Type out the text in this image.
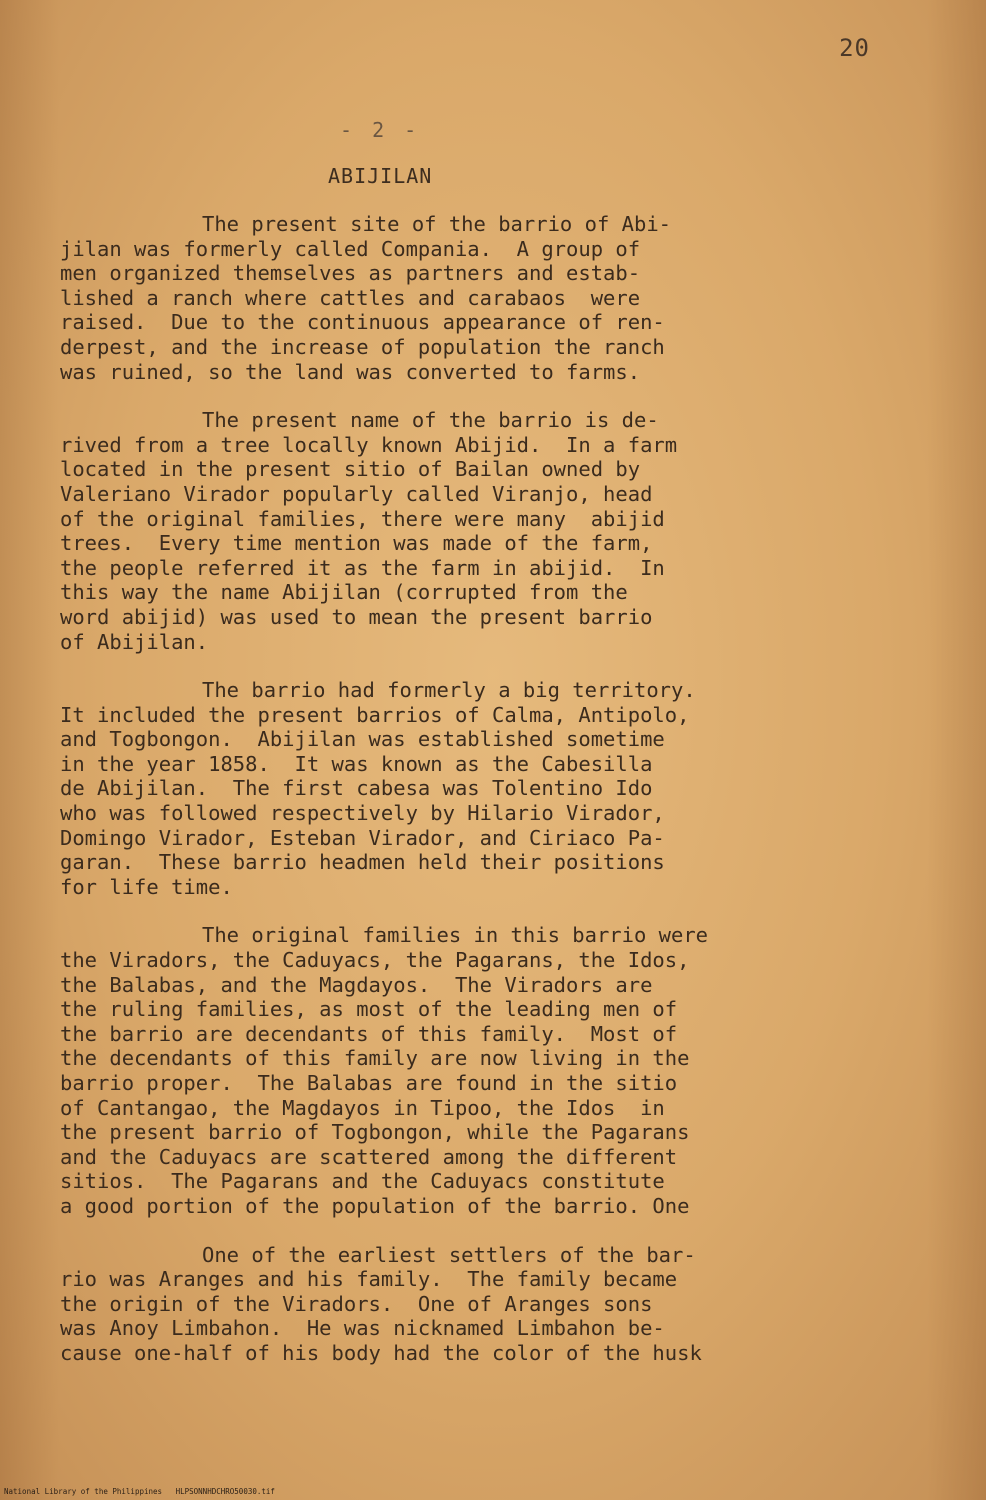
20
- 2 -
ABIJILAN
The present site of the barrio of Abi-
jilan was formerly called Compania.  A group of
men organized themselves as partners and estab-
lished a ranch where cattles and carabaos  were
raised.  Due to the continuous appearance of ren-
derpest, and the increase of population the ranch
was ruined, so the land was converted to farms.
The present name of the barrio is de-
rived from a tree locally known Abijid.  In a farm
located in the present sitio of Bailan owned by
Valeriano Virador popularly called Viranjo, head
of the original families, there were many  abijid
trees.  Every time mention was made of the farm,
the people referred it as the farm in abijid.  In
this way the name Abijilan (corrupted from the
word abijid) was used to mean the present barrio
of Abijilan.
The barrio had formerly a big territory.
It included the present barrios of Calma, Antipolo,
and Togbongon.  Abijilan was established sometime
in the year 1858.  It was known as the Cabesilla
de Abijilan.  The first cabesa was Tolentino Ido
who was followed respectively by Hilario Virador,
Domingo Virador, Esteban Virador, and Ciriaco Pa-
garan.  These barrio headmen held their positions
for life time.
The original families in this barrio were
the Viradors, the Caduyacs, the Pagarans, the Idos,
the Balabas, and the Magdayos.  The Viradors are
the ruling families, as most of the leading men of
the barrio are decendants of this family.  Most of
the decendants of this family are now living in the
barrio proper.  The Balabas are found in the sitio
of Cantangao, the Magdayos in Tipoo, the Idos  in
the present barrio of Togbongon, while the Pagarans
and the Caduyacs are scattered among the different
sitios.  The Pagarans and the Caduyacs constitute
a good portion of the population of the barrio. One
One of the earliest settlers of the bar-
rio was Aranges and his family.  The family became
the origin of the Viradors.  One of Aranges sons
was Anoy Limbahon.  He was nicknamed Limbahon be-
cause one-half of his body had the color of the husk
National Library of the Philippines   HLPSONNHDCHRO50030.tif
